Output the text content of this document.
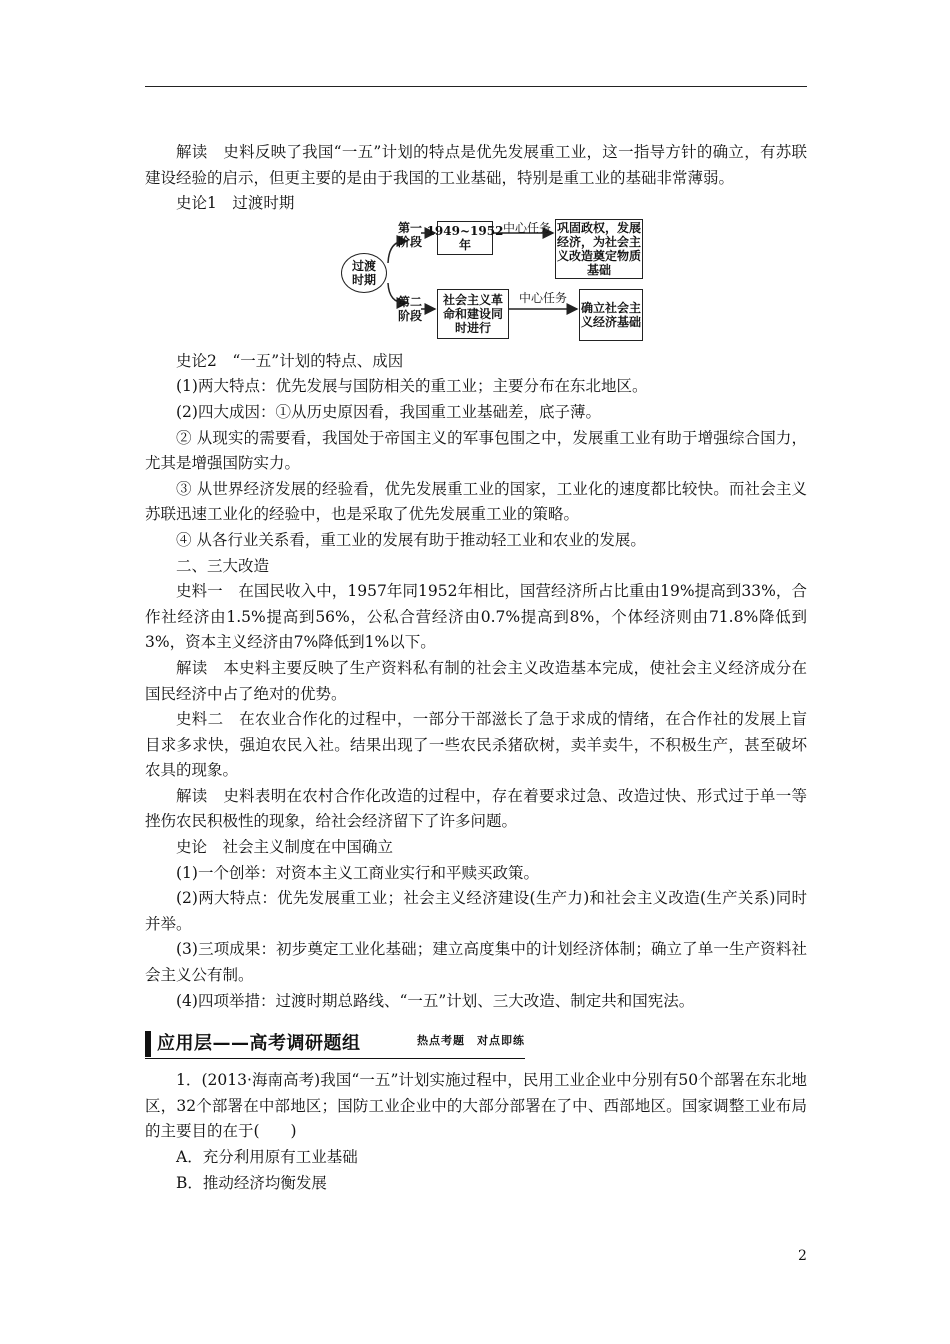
解读　史料反映了我国“一五”计划的特点是优先发展重工业，这一指导方针的确立，有苏联建设经验的启示，但更主要的是由于我国的工业基础，特别是重工业的基础非常薄弱。

史论1　过渡时期

过渡时期
第一阶段
1949~1952年
中心任务 巩固政权，发展经济，为社会主义改造奠定物质基础
第二阶段
社会主义革命和建设同时进行
中心任务
确立社会主义经济基础

史论2　“一五”计划的特点、成因

(1)两大特点：优先发展与国防相关的重工业；主要分布在东北地区。

(2)四大成因：①从历史原因看，我国重工业基础差，底子薄。

② 从现实的需要看，我国处于帝国主义的军事包围之中，发展重工业有助于增强综合国力，尤其是增强国防实力。

③ 从世界经济发展的经验看，优先发展重工业的国家，工业化的速度都比较快。而社会主义苏联迅速工业化的经验中，也是采取了优先发展重工业的策略。

④ 从各行业关系看，重工业的发展有助于推动轻工业和农业的发展。

二、三大改造

史料一　在国民收入中，1957年同1952年相比，国营经济所占比重由19%提高到33%，合作社经济由1.5%提高到56%，公私合营经济由0.7%提高到8%，个体经济则由71.8%降低到3%，资本主义经济由7%降低到1%以下。

解读　本史料主要反映了生产资料私有制的社会主义改造基本完成，使社会主义经济成分在国民经济中占了绝对的优势。

史料二　在农业合作化的过程中，一部分干部滋长了急于求成的情绪，在合作社的发展上盲目求多求快，强迫农民入社。结果出现了一些农民杀猪砍树，卖羊卖牛，不积极生产，甚至破坏农具的现象。

解读　史料表明在农村合作化改造的过程中，存在着要求过急、改造过快、形式过于单一等挫伤农民积极性的现象，给社会经济留下了许多问题。

史论　社会主义制度在中国确立

(1)一个创举：对资本主义工商业实行和平赎买政策。

(2)两大特点：优先发展重工业；社会主义经济建设(生产力)和社会主义改造(生产关系)同时并举。

(3)三项成果：初步奠定工业化基础；建立高度集中的计划经济体制；确立了单一生产资料社会主义公有制。

(4)四项举措：过渡时期总路线、“一五”计划、三大改造、制定共和国宪法。

应用层——高考调研题组	热点考题　对点即练

1．(2013·海南高考)我国“一五”计划实施过程中，民用工业企业中分别有50个部署在东北地区，32个部署在中部地区；国防工业企业中的大部分部署在了中、西部地区。国家调整工业布局的主要目的在于(　　)

A．充分利用原有工业基础

B．推动经济均衡发展

2
